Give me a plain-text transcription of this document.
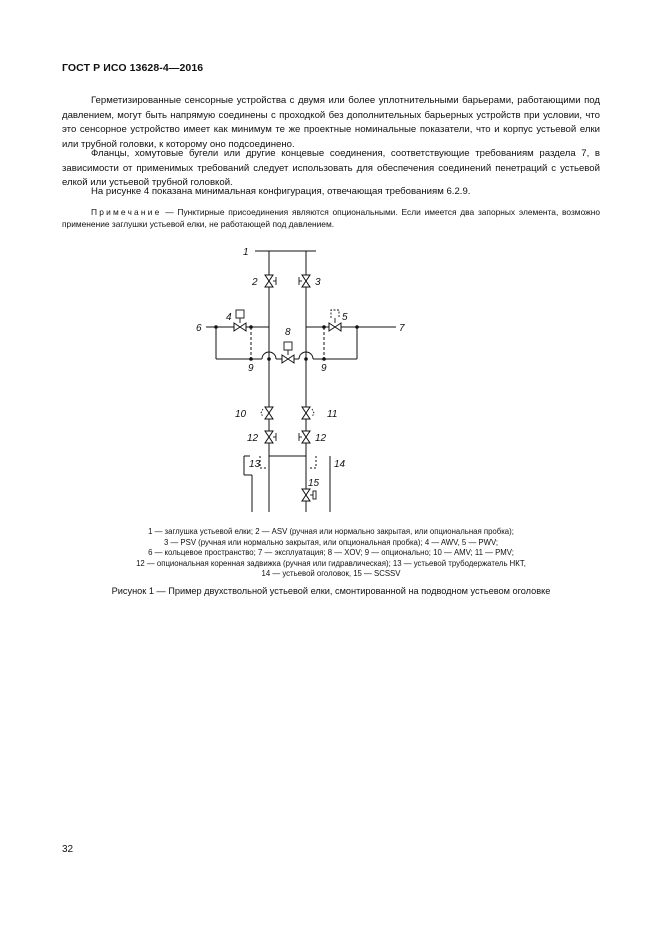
ГОСТ Р ИСО 13628-4—2016

Герметизированные сенсорные устройства с двумя или более уплотнительными барьерами, работающими под давлением, могут быть напрямую соединены с проходкой без дополнительных барьерных устройств при условии, что это сенсорное устройство имеет как минимум те же проектные номинальные показатели, что и корпус устьевой елки или трубной головки, к которому оно подсоединено.

Фланцы, хомутовые бугели или другие концевые соединения, соответствующие требованиям раздела 7, в зависимости от применимых требований следует использовать для обеспечения соединений пенетраций с устьевой елкой или устьевой трубной головкой.

На рисунке 4 показана минимальная конфигурация, отвечающая требованиям 6.2.9.

Примечание — Пунктирные присоединения являются опциональными. Если имеется два запорных элемента, возможно применение заглушки устьевой елки, не работающей под давлением.
1
2	3
4	5
6	7
8
9	9
10	11
12	12
13	14
15
1 — заглушка устьевой елки; 2 — ASV (ручная или нормально закрытая, или опциональная пробка);
3 — PSV (ручная или нормально закрытая, или опциональная пробка); 4 — AWV, 5 — PWV;
6 — кольцевое пространство; 7 — эксплуатация; 8 — XOV; 9 — опционально; 10 — AMV; 11 — PMV;
12 — опциональная коренная задвижка (ручная или гидравлическая); 13 — устьевой трубодержатель НКТ,
14 — устьевой оголовок, 15 — SCSSV
Рисунок 1 — Пример двухствольной устьевой елки, смонтированной на подводном устьевом оголовке
32
